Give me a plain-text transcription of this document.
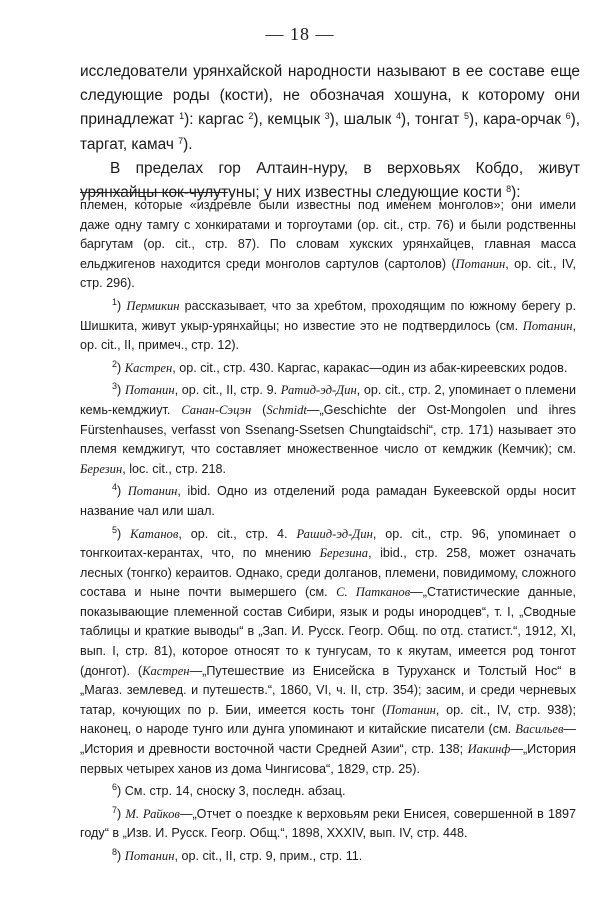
— 18 —

исследователи урянхайской народности называют в ее составе еще следующие роды (кости), не обозначая хошуна, к которому они принадлежат $^1$): каргас $^2$), кемцык $^3$), шалык $^4$), тонгат $^5$), кара-орчак $^6$), таргат, камач $^7$).

В пределах гор Алтаин-нуру, в верховьях Кобдо, живут урянхайцы кок-чулутуны; у них известны следующие кости $^8$):

племен, которые «издревле были известны под именем монголов»; они имели даже одну тамгу с хонкиратами и торгоутами (op. cit., стр. 76) и были родственны баргутам (op. cit., стр. 87). По словам хукских урянхайцев, главная масса ельджигенов находится среди монголов сартулов (сартолов) (Потанин, op. cit., IV, стр. 296).

$^1$) Пермикин рассказывает, что за хребтом, проходящим по южному берегу р. Шишкита, живут укыр-урянхайцы; но известие это не подтвердилось (см. Потанин, op. cit., II, примеч., стр. 12).

$^2$) Кастрен, op. cit., стр. 430. Каргас, каракас—один из абак-киреевских родов.

$^3$) Потанин, op. cit., II, стр. 9. Ратид-эд-Дин, op. cit., стр. 2, упоминает о племени кемь-кемджиут. Санан-Сэцэн (Schmidt—„Geschichte der Ost-Mongolen und ihres Fürstenhauses, verfasst von Ssenang-Ssetsen Chungtaidschi“, стр. 171) называет это племя кемджигут, что составляет множественное число от кемджик (Кемчик); см. Березин, loc. cit., стр. 218.

$^4$) Потанин, ibid. Одно из отделений рода рамадан Букеевской орды носит название чал или шал.

$^5$) Катанов, op. cit., стр. 4. Рашид-эд-Дин, op. cit., стр. 96, упоминает о тонгкоитах-керантах, что, по мнению Березина, ibid., стр. 258, может означать лесных (тонгко) кераитов. Однако, среди долганов, племени, повидимому, сложного состава и ныне почти вымершего (см. С. Патканов—„Статистические данные, показывающие племенной состав Сибири, язык и роды инородцев“, т. I, „Сводные таблицы и краткие выводы“ в „Зап. И. Русск. Геогр. Общ. по отд. статист.“, 1912, XI, вып. I, стр. 81), которое относят то к тунгусам, то к якутам, имеется род тонгот (донгот). (Кастрен—„Путешествие из Енисейска в Туруханск и Толстый Нос“ в „Магаз. землевед. и путешеств.“, 1860, VI, ч. II, стр. 354); засим, и среди черневых татар, кочующих по р. Бии, имеется кость тонг (Потанин, op. cit., IV, стр. 938); наконец, о народе тунго или дунга упоминают и китайские писатели (см. Васильев—„История и древности восточной части Средней Азии“, стр. 138; Иакинф—„История первых четырех ханов из дома Чингисова“, 1829, стр. 25).

$^6$) См. стр. 14, сноску 3, последн. абзац.

$^7$) М. Райков—„Отчет о поездке к верховьям реки Енисея, совершенной в 1897 году“ в „Изв. И. Русск. Геогр. Общ.“, 1898, XXXIV, вып. IV, стр. 448.

$^8$) Потанин, op. cit., II, стр. 9, прим., стр. 11.
